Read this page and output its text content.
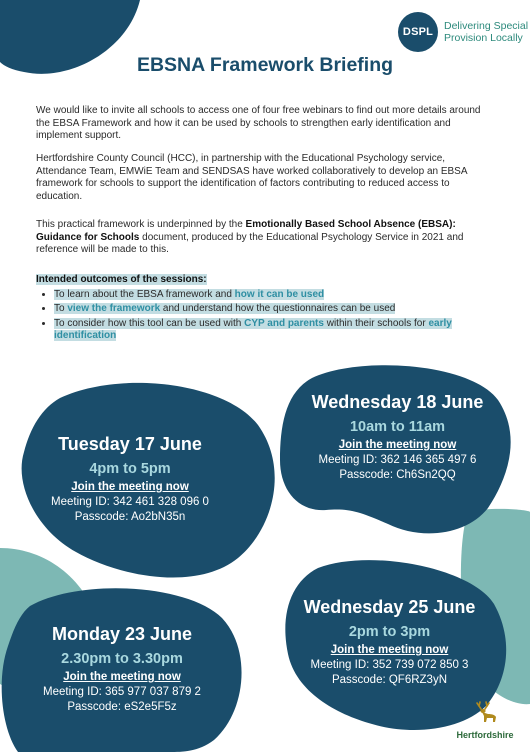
DSPL
Delivering Special
Provision Locally
EBSNA Framework Briefing

We would like to invite all schools to access one of four free webinars to find out more details around the EBSA Framework and how it can be used by schools to strengthen early identification and implement support.

Hertfordshire County Council (HCC), in partnership with the Educational Psychology service, Attendance Team, EMWiE Team and SENDSAS have worked collaboratively to develop an EBSA framework for schools to support the identification of factors contributing to reduced access to education.

This practical framework is underpinned by the Emotionally Based School Absence (EBSA): Guidance for Schools document, produced by the Educational Psychology Service in 2021 and reference will be made to this.

Intended outcomes of the sessions:
• To learn about the EBSA framework and how it can be used
• To view the framework and understand how the questionnaires can be used
• To consider how this tool can be used with CYP and parents within their schools for early identification
Tuesday 17 June
4pm to 5pm
Join the meeting now
Meeting ID: 342 461 328 096 0
Passcode: Ao2bN35n
Wednesday 18 June
10am to 11am
Join the meeting now
Meeting ID: 362 146 365 497 6
Passcode: Ch6Sn2QQ
Monday 23 June
2.30pm to 3.30pm
Join the meeting now
Meeting ID: 365 977 037 879 2
Passcode: eS2e5F5z
Wednesday 25 June
2pm to 3pm
Join the meeting now
Meeting ID: 352 739 072 850 3
Passcode: QF6RZ3yN
Hertfordshire
